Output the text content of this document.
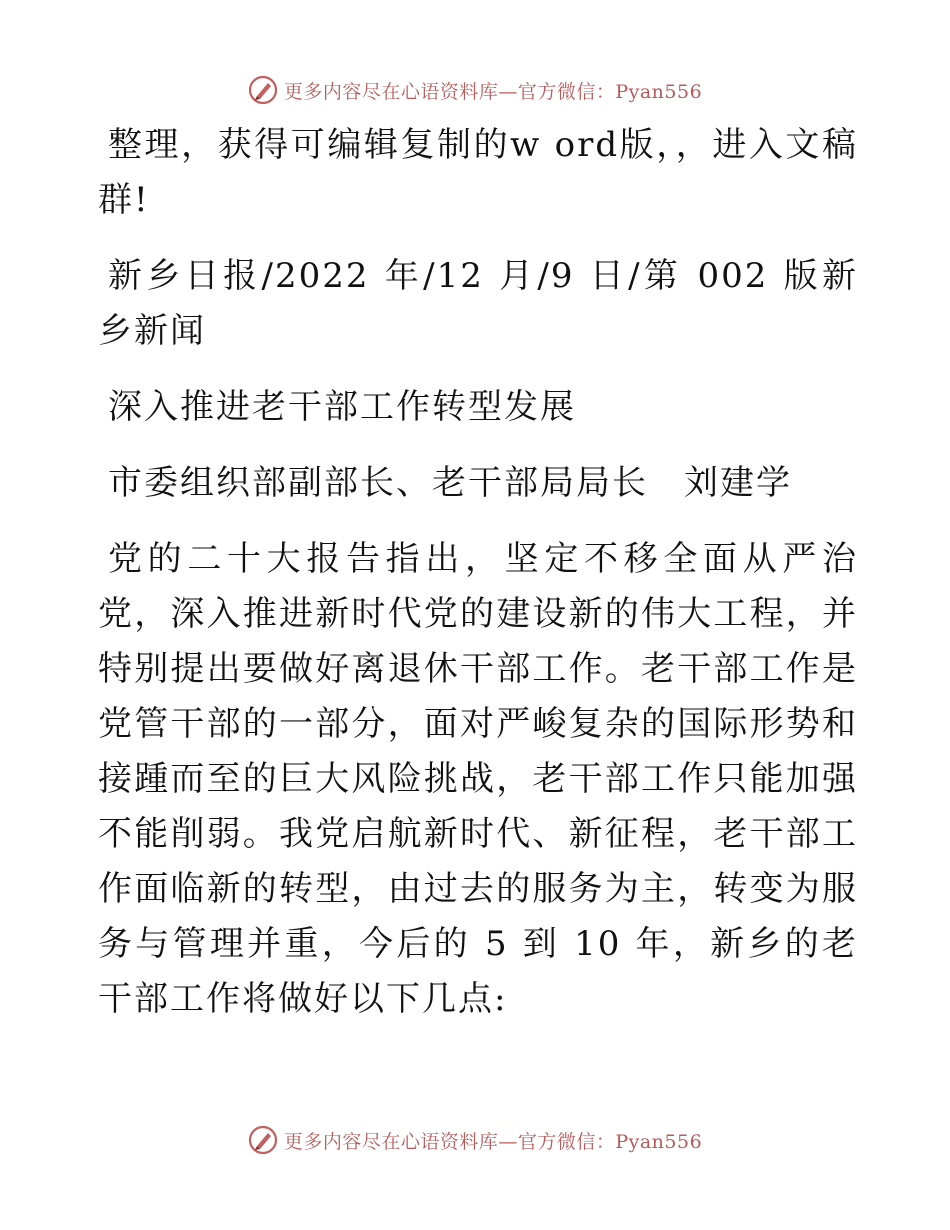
更多内容尽在心语资料库—官方微信：Pyan556

整理，获得可编辑复制的w ord版，，进入文稿群!

新乡日报/2022 年/12 月/9 日/第 002 版新乡新闻

深入推进老干部工作转型发展

市委组织部副部长、老干部局局长　刘建学

党的二十大报告指出，坚定不移全面从严治党，深入推进新时代党的建设新的伟大工程，并特别提出要做好离退休干部工作。老干部工作是党管干部的一部分，面对严峻复杂的国际形势和接踵而至的巨大风险挑战，老干部工作只能加强不能削弱。我党启航新时代、新征程，老干部工作面临新的转型，由过去的服务为主，转变为服务与管理并重，今后的 5 到 10 年，新乡的老干部工作将做好以下几点:

更多内容尽在心语资料库—官方微信：Pyan556
